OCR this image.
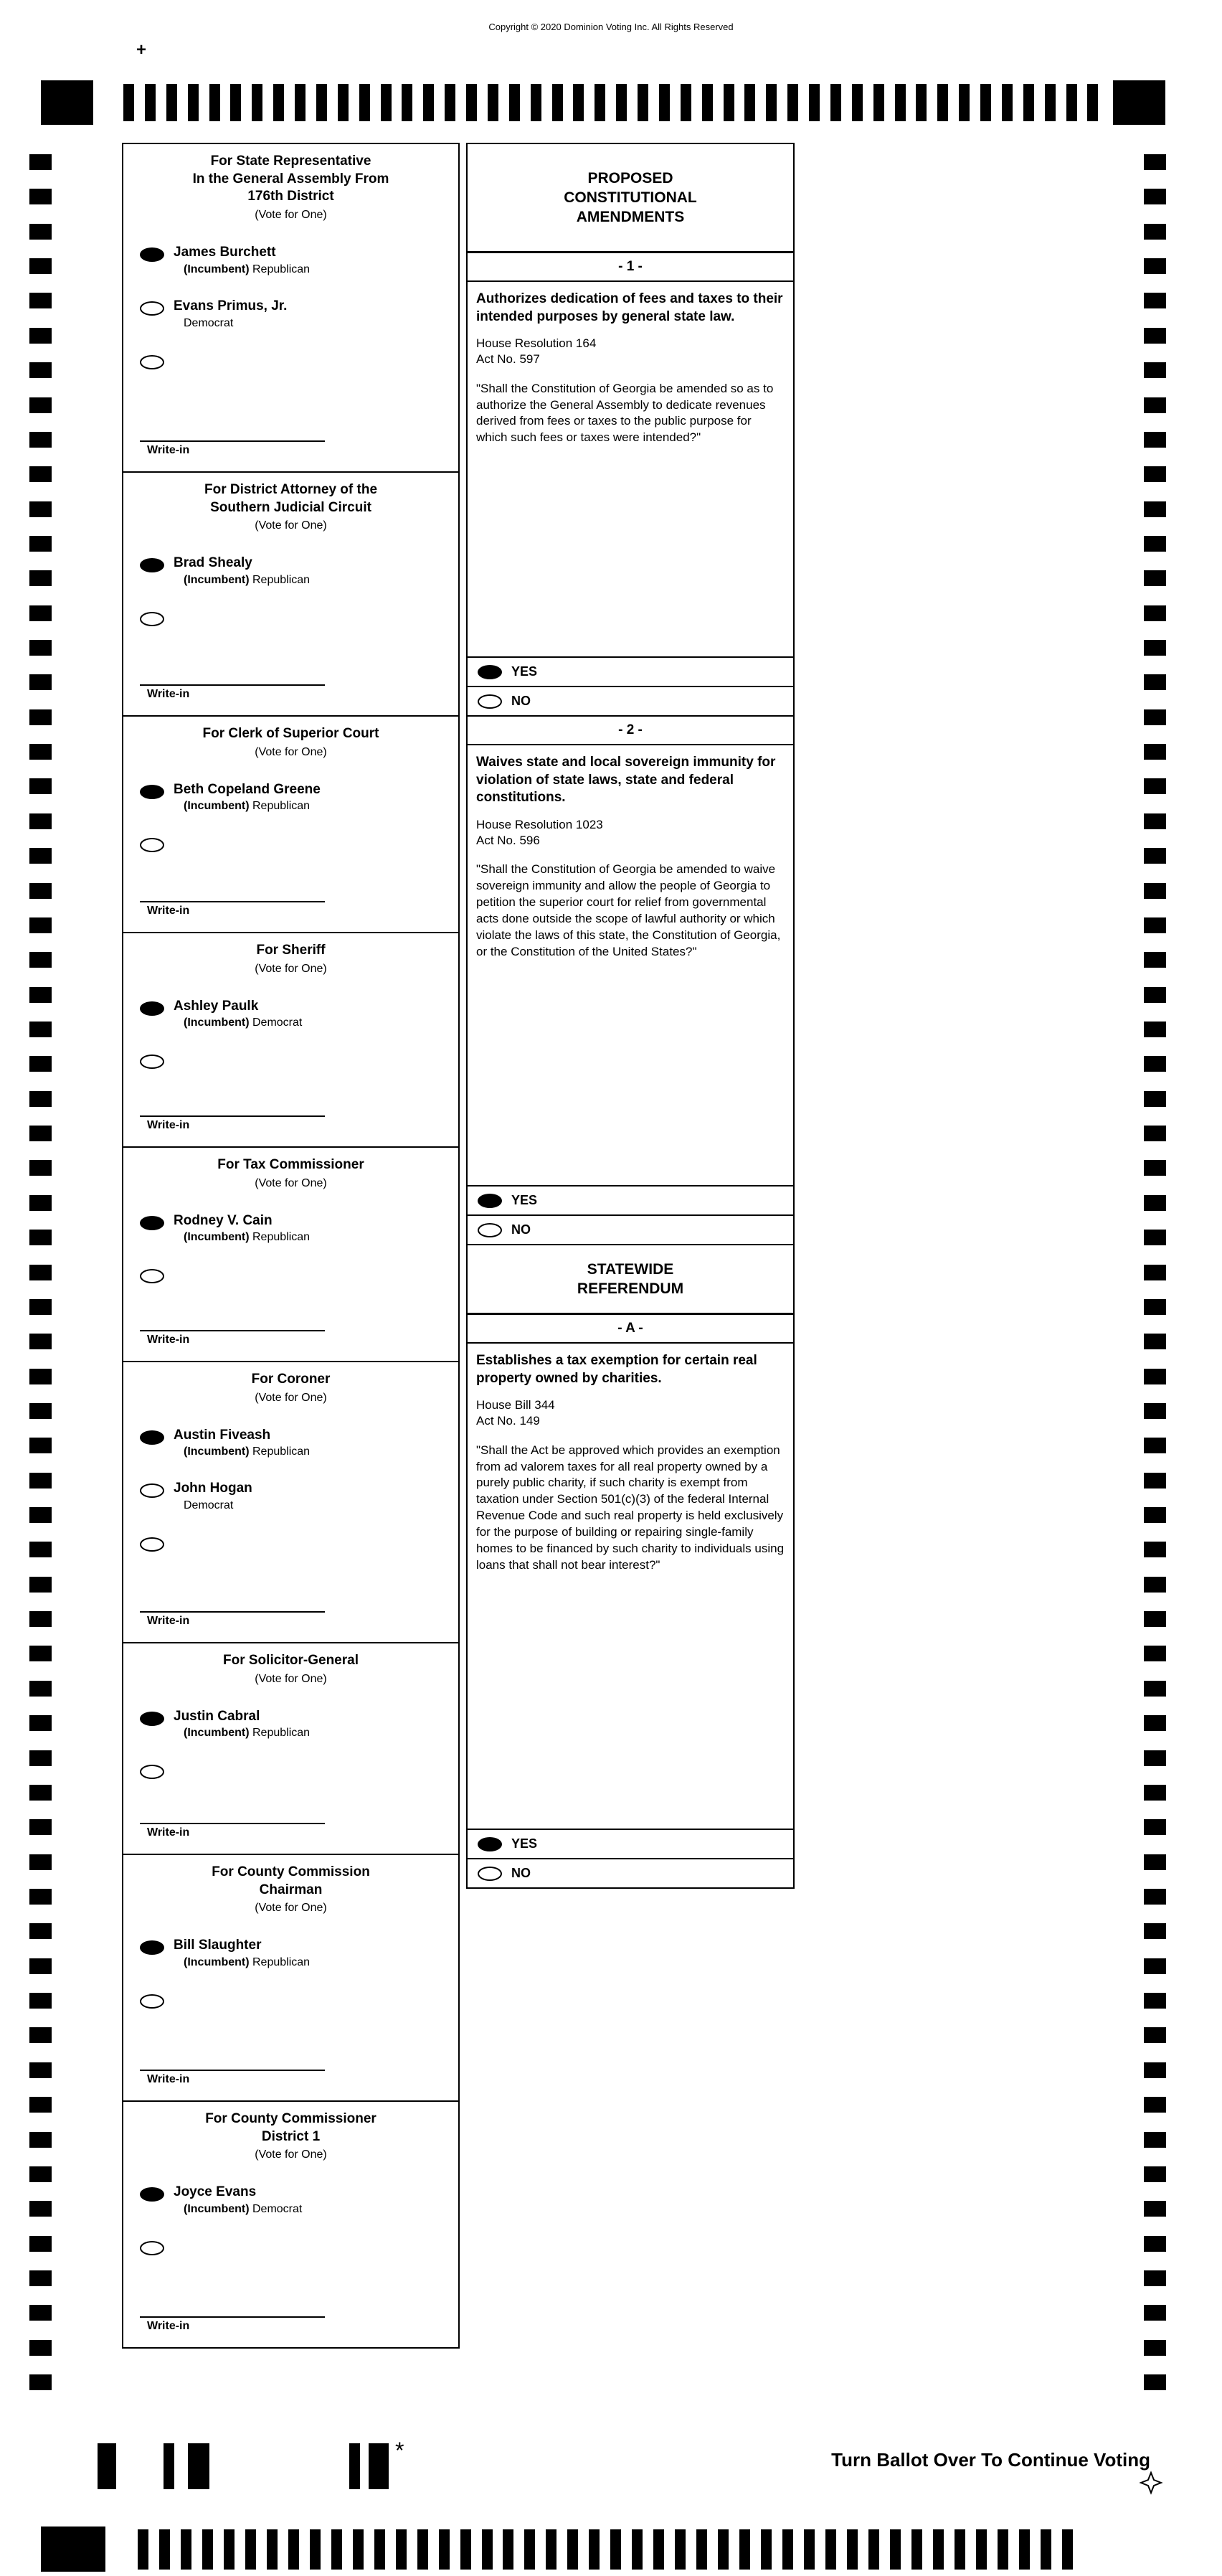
Copyright © 2020 Dominion Voting Inc. All Rights Reserved
+
For State Representative
In the General Assembly From
176th District
(Vote for One)
James Burchett
(Incumbent) Republican
Evans Primus, Jr.
Democrat
Write-in
For District Attorney of the
Southern Judicial Circuit
(Vote for One)
Brad Shealy
(Incumbent) Republican
Write-in
For Clerk of Superior Court
(Vote for One)
Beth Copeland Greene
(Incumbent) Republican
Write-in
For Sheriff
(Vote for One)
Ashley Paulk
(Incumbent) Democrat
Write-in
For Tax Commissioner
(Vote for One)
Rodney V. Cain
(Incumbent) Republican
Write-in
For Coroner
(Vote for One)
Austin Fiveash
(Incumbent) Republican
John Hogan
Democrat
Write-in
For Solicitor-General
(Vote for One)
Justin Cabral
(Incumbent) Republican
Write-in
For County Commission
Chairman
(Vote for One)
Bill Slaughter
(Incumbent) Republican
Write-in
For County Commissioner
District 1
(Vote for One)
Joyce Evans
(Incumbent) Democrat
Write-in
PROPOSED
CONSTITUTIONAL
AMENDMENTS
- 1 -
Authorizes dedication of fees and taxes to their intended purposes by general state law.
House Resolution 164
Act No. 597
"Shall the Constitution of Georgia be amended so as to authorize the General Assembly to dedicate revenues derived from fees or taxes to the public purpose for which such fees or taxes were intended?"
YES
NO
- 2 -
Waives state and local sovereign immunity for violation of state laws, state and federal constitutions.
House Resolution 1023
Act No. 596
"Shall the Constitution of Georgia be amended to waive sovereign immunity and allow the people of Georgia to petition the superior court for relief from governmental acts done outside the scope of lawful authority or which violate the laws of this state, the Constitution of Georgia, or the Constitution of the United States?"
YES
NO
STATEWIDE
REFERENDUM
- A -
Establishes a tax exemption for certain real property owned by charities.
House Bill 344
Act No. 149
"Shall the Act be approved which provides an exemption from ad valorem taxes for all real property owned by a purely public charity, if such charity is exempt from taxation under Section 501(c)(3) of the federal Internal Revenue Code and such real property is held exclusively for the purpose of building or repairing single-family homes to be financed by such charity to individuals using loans that shall not bear interest?"
YES
NO
*	Turn Ballot Over To Continue Voting
